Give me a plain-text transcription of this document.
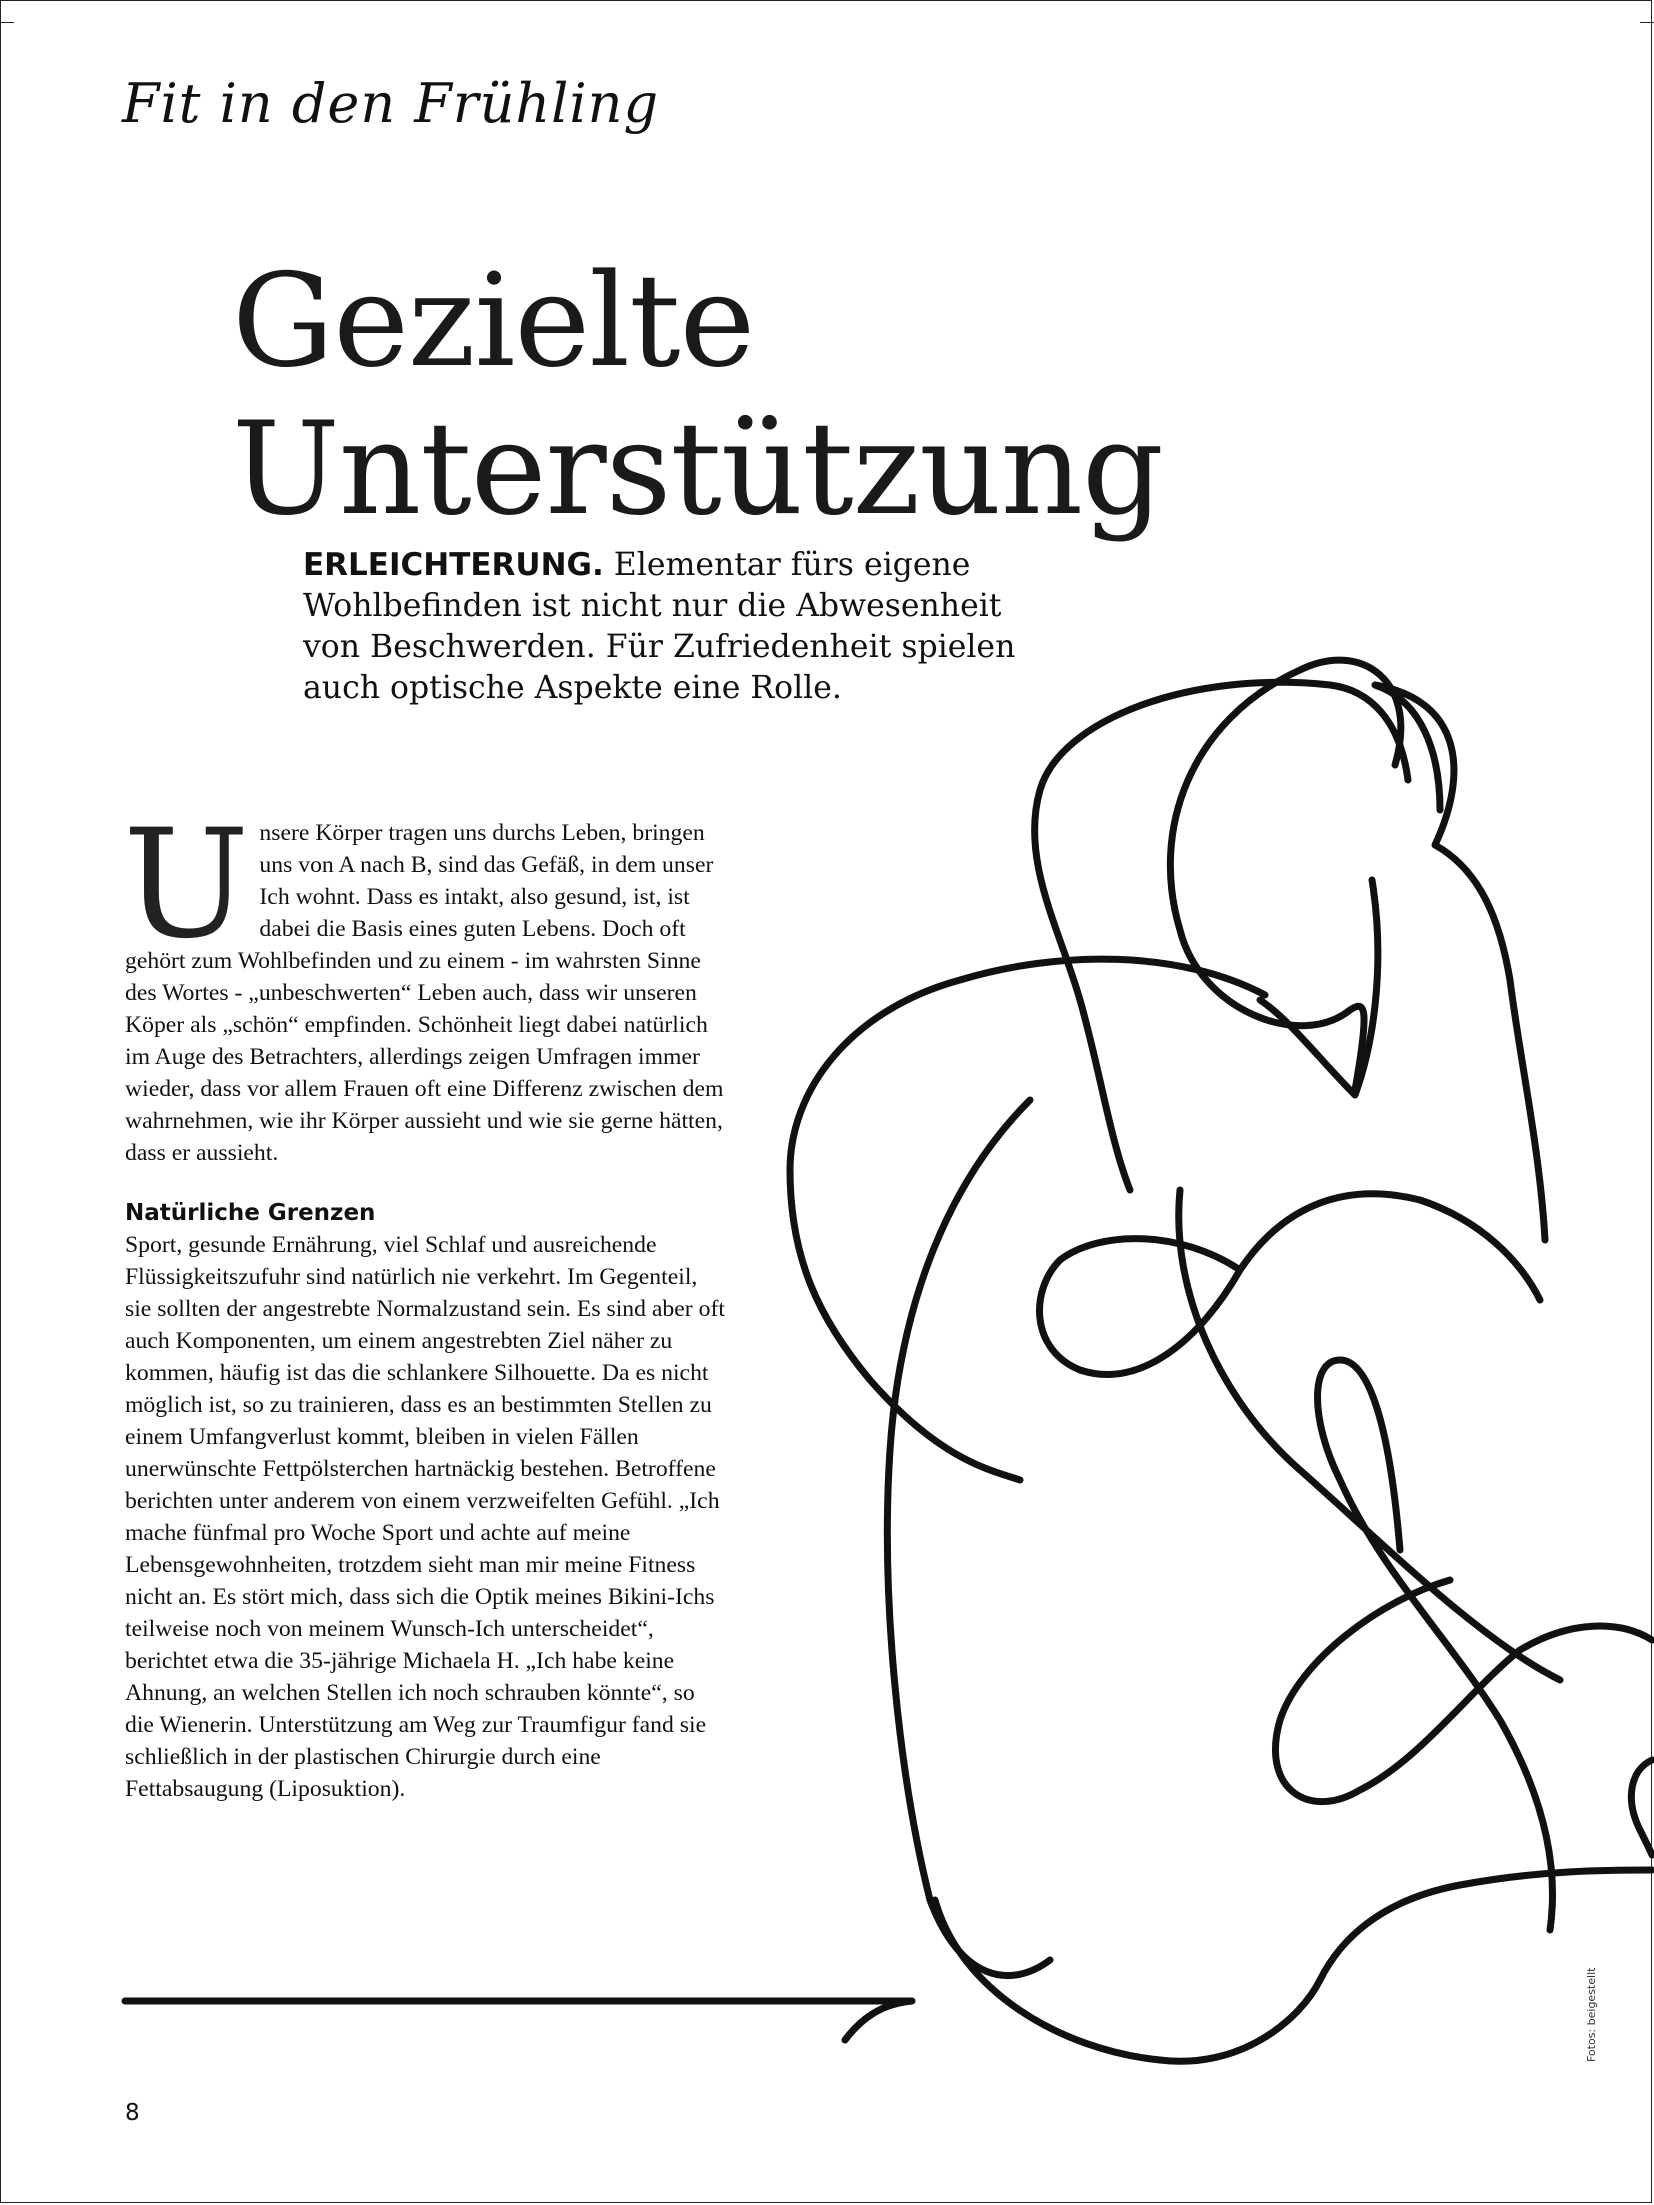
Fit in den Frühling
Gezielte
Unterstützung
ERLEICHTERUNG. Elementar fürs eigene Wohlbefinden ist nicht nur die Abwesenheit von Beschwerden. Für Zufriedenheit spielen auch optische Aspekte eine Rolle.

Unsere Körper tragen uns durchs Leben, bringen uns von A nach B, sind das Gefäß, in dem unser Ich wohnt. Dass es intakt, also gesund, ist, ist dabei die Basis eines guten Lebens. Doch oft gehört zum Wohlbefinden und zu einem - im wahrsten Sinne des Wortes - „unbeschwerten“ Leben auch, dass wir unseren Köper als „schön“ empfinden. Schönheit liegt dabei natürlich im Auge des Betrachters, allerdings zeigen Umfragen immer wieder, dass vor allem Frauen oft eine Differenz zwischen dem wahrnehmen, wie ihr Körper aussieht und wie sie gerne hätten, dass er aussieht.

Natürliche Grenzen

Sport, gesunde Ernährung, viel Schlaf und ausreichende Flüssigkeitszufuhr sind natürlich nie verkehrt. Im Gegenteil, sie sollten der angestrebte Normalzustand sein. Es sind aber oft auch Komponenten, um einem angestrebten Ziel näher zu kommen, häufig ist das die schlankere Silhouette. Da es nicht möglich ist, so zu trainieren, dass es an bestimmten Stellen zu einem Umfangverlust kommt, bleiben in vielen Fällen unerwünschte Fettpölsterchen hartnäckig bestehen. Betroffene berichten unter anderem von einem verzweifelten Gefühl. „Ich mache fünfmal pro Woche Sport und achte auf meine Lebensgewohnheiten, trotzdem sieht man mir meine Fitness nicht an. Es stört mich, dass sich die Optik meines Bikini-Ichs teilweise noch von meinem Wunsch-Ich unterscheidet“, berichtet etwa die 35-jährige Michaela H. „Ich habe keine Ahnung, an welchen Stellen ich noch schrauben könnte“, so die Wienerin. Unterstützung am Weg zur Traumfigur fand sie schließlich in der plastischen Chirurgie durch eine Fettabsaugung (Liposuktion).

Fotos: beigestellt
8
